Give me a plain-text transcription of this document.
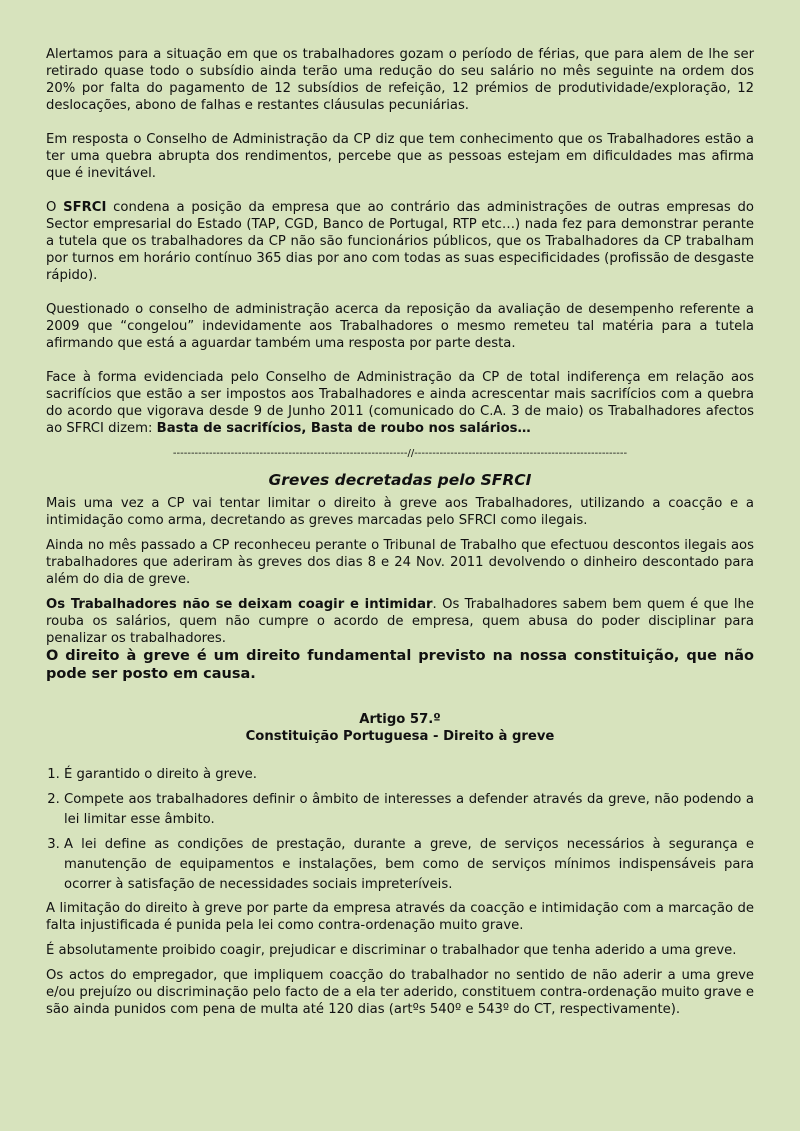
Alertamos para a situação em que os trabalhadores gozam o período de férias, que para alem de lhe ser retirado quase todo o subsídio ainda terão uma redução do seu salário no mês seguinte na ordem dos 20% por falta do pagamento de 12 subsídios de refeição, 12 prémios de produtividade/exploração, 12 deslocações, abono de falhas e restantes cláusulas pecuniárias.

Em resposta o Conselho de Administração da CP diz que tem conhecimento que os Trabalhadores estão a ter uma quebra abrupta dos rendimentos, percebe que as pessoas estejam em dificuldades mas afirma que é inevitável.

O SFRCI condena a posição da empresa que ao contrário das administrações de outras empresas do Sector empresarial do Estado (TAP, CGD, Banco de Portugal, RTP etc…) nada fez para demonstrar perante a tutela que os trabalhadores da CP não são funcionários públicos, que os Trabalhadores da CP trabalham por turnos em horário contínuo 365 dias por ano com todas as suas especificidades (profissão de desgaste rápido).

Questionado o conselho de administração acerca da reposição da avaliação de desempenho referente a 2009 que “congelou” indevidamente aos Trabalhadores o mesmo remeteu tal matéria para a tutela afirmando que está a aguardar também uma resposta por parte desta.

Face à forma evidenciada pelo Conselho de Administração da CP de total indiferença em relação aos sacrifícios que estão a ser impostos aos Trabalhadores e ainda acrescentar mais sacrifícios com a quebra do acordo que vigorava desde 9 de Junho 2011 (comunicado do C.A. 3 de maio) os Trabalhadores afectos ao SFRCI dizem: Basta de sacrifícios, Basta de roubo nos salários…

-----------------------------------------------------------------//-----------------------------------------------------------
Greves decretadas pelo SFRCI

Mais uma vez a CP vai tentar limitar o direito à greve aos Trabalhadores, utilizando a coacção e a intimidação como arma, decretando as greves marcadas pelo SFRCI como ilegais.

Ainda no mês passado a CP reconheceu perante o Tribunal de Trabalho que efectuou descontos ilegais aos trabalhadores que aderiram às greves dos dias 8 e 24 Nov. 2011 devolvendo o dinheiro descontado para além do dia de greve.

Os Trabalhadores não se deixam coagir e intimidar. Os Trabalhadores sabem bem quem é que lhe rouba os salários, quem não cumpre o acordo de empresa, quem abusa do poder disciplinar para penalizar os trabalhadores.

O direito à greve é um direito fundamental previsto na nossa constituição, que não pode ser posto em causa.

Artigo 57.º
Constituição Portuguesa - Direito à greve
1. É garantido o direito à greve.
2. Compete aos trabalhadores definir o âmbito de interesses a defender através da greve, não podendo a lei limitar esse âmbito.
3. A lei define as condições de prestação, durante a greve, de serviços necessários à segurança e manutenção de equipamentos e instalações, bem como de serviços mínimos indispensáveis para ocorrer à satisfação de necessidades sociais impreteríveis.

A limitação do direito à greve por parte da empresa através da coacção e intimidação com a marcação de falta injustificada é punida pela lei como contra-ordenação muito grave.

É absolutamente proibido coagir, prejudicar e discriminar o trabalhador que tenha aderido a uma greve.

Os actos do empregador, que impliquem coacção do trabalhador no sentido de não aderir a uma greve e/ou prejuízo ou discriminação pelo facto de a ela ter aderido, constituem contra-ordenação muito grave e são ainda punidos com pena de multa até 120 dias (artºs 540º e 543º do CT, respectivamente).
